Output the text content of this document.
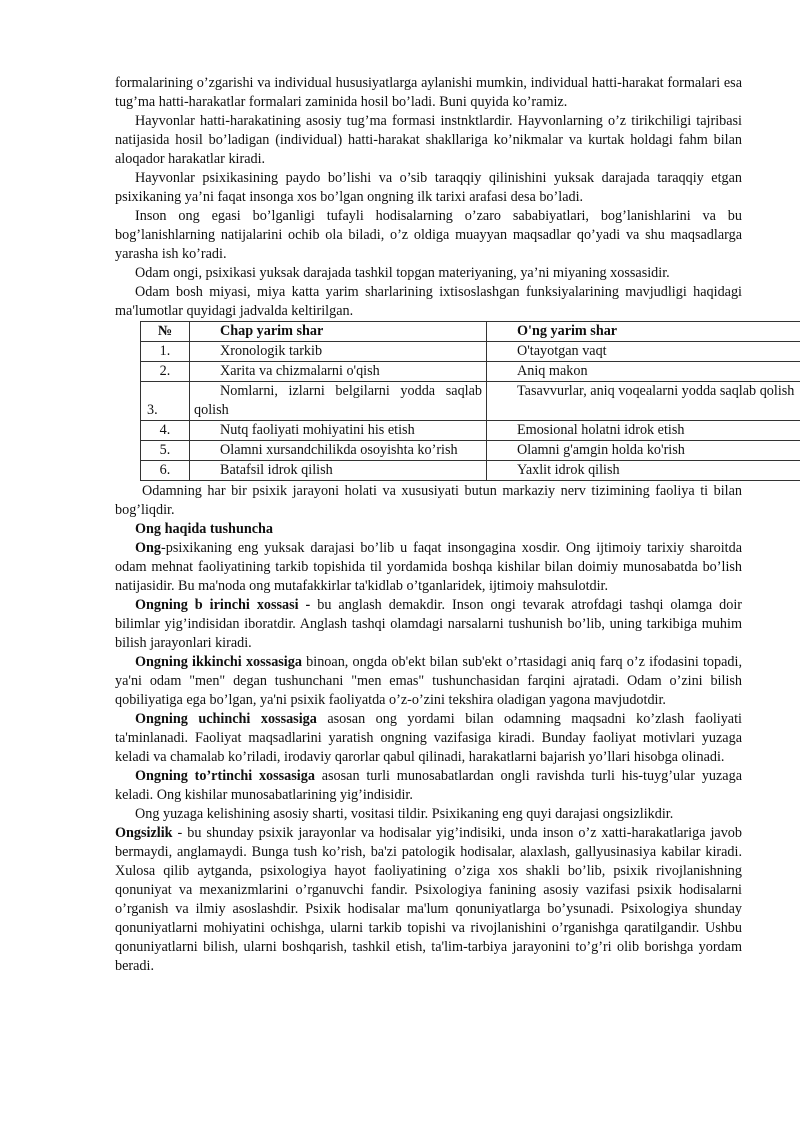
formalarining o’zgarishi va individual hususiyatlarga aylanishi mumkin, individual hatti-harakat formalari esa tug’ma hatti-harakatlar formalari zaminida hosil bo’ladi. Buni quyida ko’ramiz.

Hayvonlar hatti-harakatining asosiy tug’ma formasi instnktlardir. Hayvonlarning o’z tirikchiligi tajribasi natijasida hosil bo’ladigan (individual) hatti-harakat shakllariga ko’nikmalar va kurtak holdagi fahm bilan aloqador harakatlar kiradi.

Hayvonlar psixikasining paydo bo’lishi va o’sib taraqqiy qilinishini yuksak darajada taraqqiy etgan psixikaning ya’ni faqat insonga xos bo’lgan ongning ilk tarixi arafasi desa bo’ladi.

Inson ong egasi bo’lganligi tufayli hodisalarning o’zaro sababiyatlari, bog’lanishlarini va bu bog’lanishlarning natijalarini ochib ola biladi, o’z oldiga muayyan maqsadlar qo’yadi va shu maqsadlarga yarasha ish ko’radi.

Odam ongi, psixikasi yuksak darajada tashkil topgan materiyaning, ya’ni miyaning xossasidir.

Odam bosh miyasi, miya katta yarim sharlarining ixtisoslashgan funksiyalarining mavjudligi haqidagi ma'lumotlar quyidagi jadvalda keltirilgan.

№	Chap yarim shar	O'ng yarim shar
1.	Xronologik tarkib	O'tayotgan vaqt
2.	Xarita va chizmalarni o'qish	Aniq makon
3.	Nomlarni, izlarni belgilarni yodda saqlab qolish	Tasavvurlar, aniq voqealarni yodda saqlab qolish
4.	Nutq faoliyati mohiyatini his etish	Emosional holatni idrok etish
5.	Olamni xursandchilikda osoyishta ko’rish	Olamni g'amgin holda ko'rish
6.	Batafsil idrok qilish	Yaxlit idrok qilish

Odamning har bir psixik jarayoni holati va xususiyati butun markaziy nerv tizimining faoliya ti bilan bog’liqdir.

Ong haqida tushuncha

Ong-psixikaning eng yuksak darajasi bo’lib u faqat insongagina xosdir. Ong ijtimoiy tarixiy sharoitda odam mehnat faoliyatining tarkib topishida til yordamida boshqa kishilar bilan doimiy munosabatda bo’lish natijasidir. Bu ma'noda ong mutafakkirlar ta'kidlab o’tganlaridek, ijtimoiy mahsulotdir.

Ongning b irinchi xossasi - bu anglash demakdir. Inson ongi tevarak atrofdagi tashqi olamga doir bilimlar yig’indisidan iboratdir. Anglash tashqi olamdagi narsalarni tushunish bo’lib, uning tarkibiga muhim bilish jarayonlari kiradi.

Ongning ikkinchi xossasiga binoan, ongda ob'ekt bilan sub'ekt o’rtasidagi aniq farq o’z ifodasini topadi, ya'ni odam "men" degan tushunchani "men emas" tushunchasidan farqini ajratadi. Odam o’zini bilish qobiliyatiga ega bo’lgan, ya'ni psixik faoliyatda o’z-o’zini tekshira oladigan yagona mavjudotdir.

Ongning uchinchi xossasiga asosan ong yordami bilan odamning maqsadni ko’zlash faoliyati ta'minlanadi. Faoliyat maqsadlarini yaratish ongning vazifasiga kiradi. Bunday faoliyat motivlari yuzaga keladi va chamalab ko’riladi, irodaviy qarorlar qabul qilinadi, harakatlarni bajarish yo’llari hisobga olinadi.

Ongning to’rtinchi xossasiga asosan turli munosabatlardan ongli ravishda turli his-tuyg’ular yuzaga keladi. Ong kishilar munosabatlarining yig’indisidir.

Ong yuzaga kelishining asosiy sharti, vositasi tildir. Psixikaning eng quyi darajasi ongsizlikdir.

Ongsizlik - bu shunday psixik jarayonlar va hodisalar yig’indisiki, unda inson o’z xatti-harakatlariga javob bermaydi, anglamaydi. Bunga tush ko’rish, ba'zi patologik hodisalar, alaxlash, gallyusinasiya kabilar kiradi. Xulosa qilib aytganda, psixologiya hayot faoliyatining o’ziga xos shakli bo’lib, psixik rivojlanishning qonuniyat va mexanizmlarini o’rganuvchi fandir. Psixologiya fanining asosiy vazifasi psixik hodisalarni o’rganish va ilmiy asoslashdir. Psixik hodisalar ma'lum qonuniyatlarga bo’ysunadi. Psixologiya shunday qonuniyatlarni mohiyatini ochishga, ularni tarkib topishi va rivojlanishini o’rganishga qaratilgandir. Ushbu qonuniyatlarni bilish, ularni boshqarish, tashkil etish, ta'lim-tarbiya jarayonini to’g’ri olib borishga yordam beradi.
